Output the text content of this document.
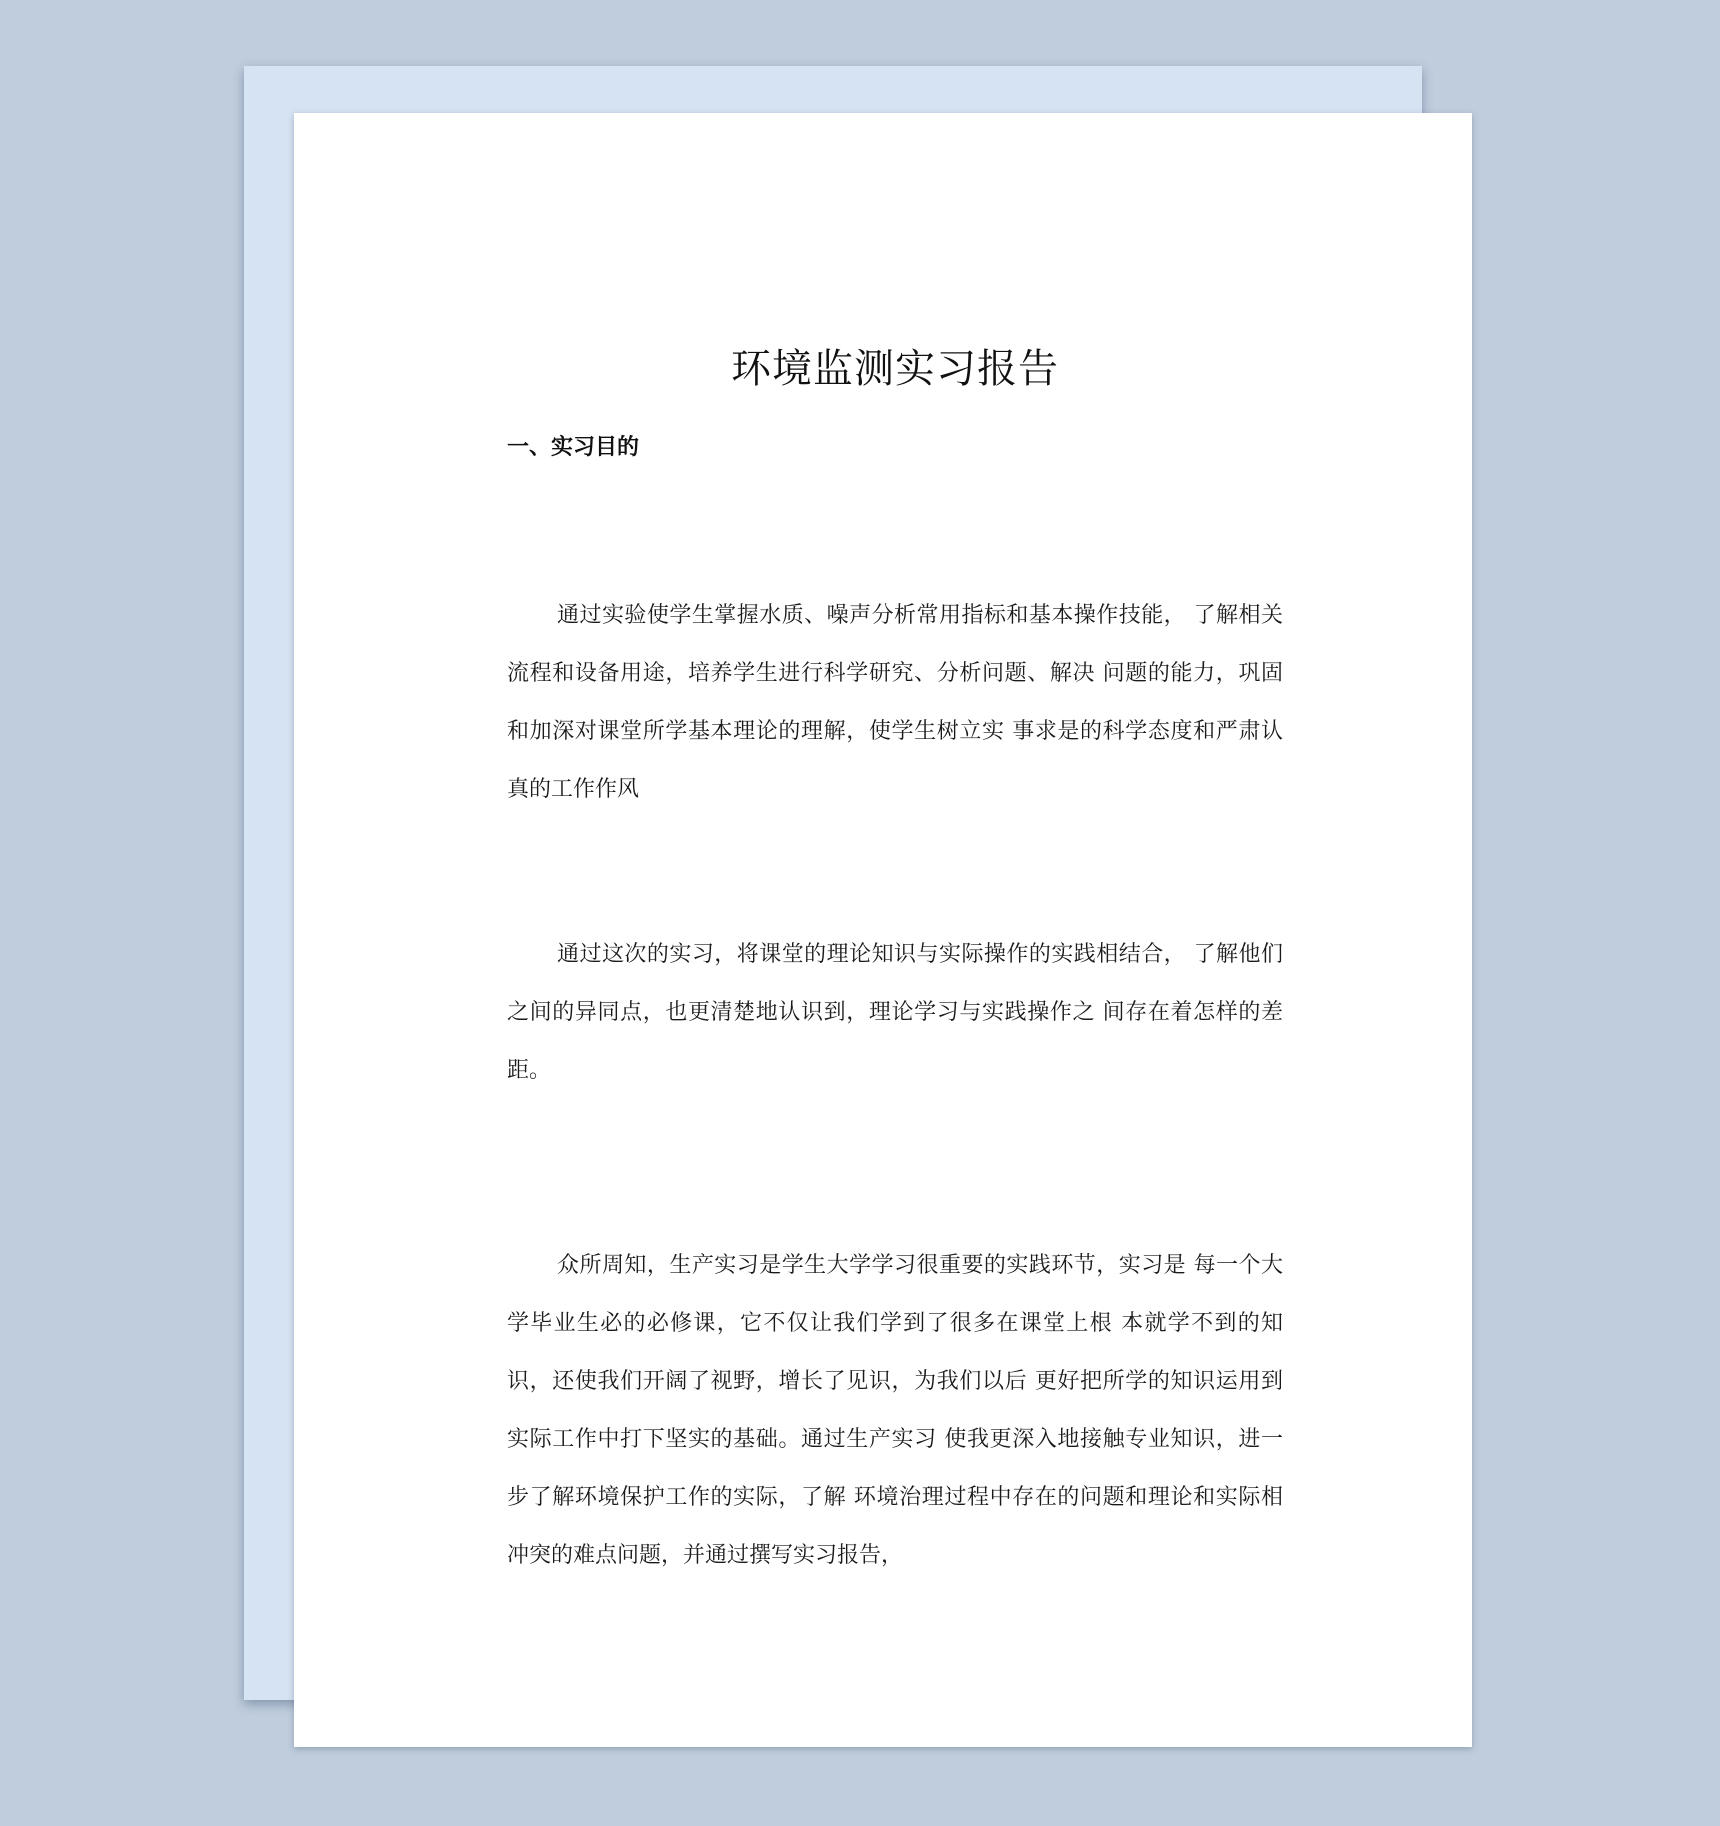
环境监测实习报告
一、实习目的

通过实验使学生掌握水质、噪声分析常用指标和基本操作技能， 了解相关流程和设备用途，培养学生进行科学研究、分析问题、解决 问题的能力，巩固和加深对课堂所学基本理论的理解，使学生树立实 事求是的科学态度和严肃认真的工作作风

通过这次的实习，将课堂的理论知识与实际操作的实践相结合， 了解他们之间的异同点，也更清楚地认识到，理论学习与实践操作之 间存在着怎样的差距。

众所周知，生产实习是学生大学学习很重要的实践环节，实习是 每一个大学毕业生必的必修课，它不仅让我们学到了很多在课堂上根 本就学不到的知识，还使我们开阔了视野，增长了见识，为我们以后 更好把所学的知识运用到实际工作中打下坚实的基础。通过生产实习 使我更深入地接触专业知识，进一步了解环境保护工作的实际，了解 环境治理过程中存在的问题和理论和实际相冲突的难点问题，并通过撰写实习报告，
